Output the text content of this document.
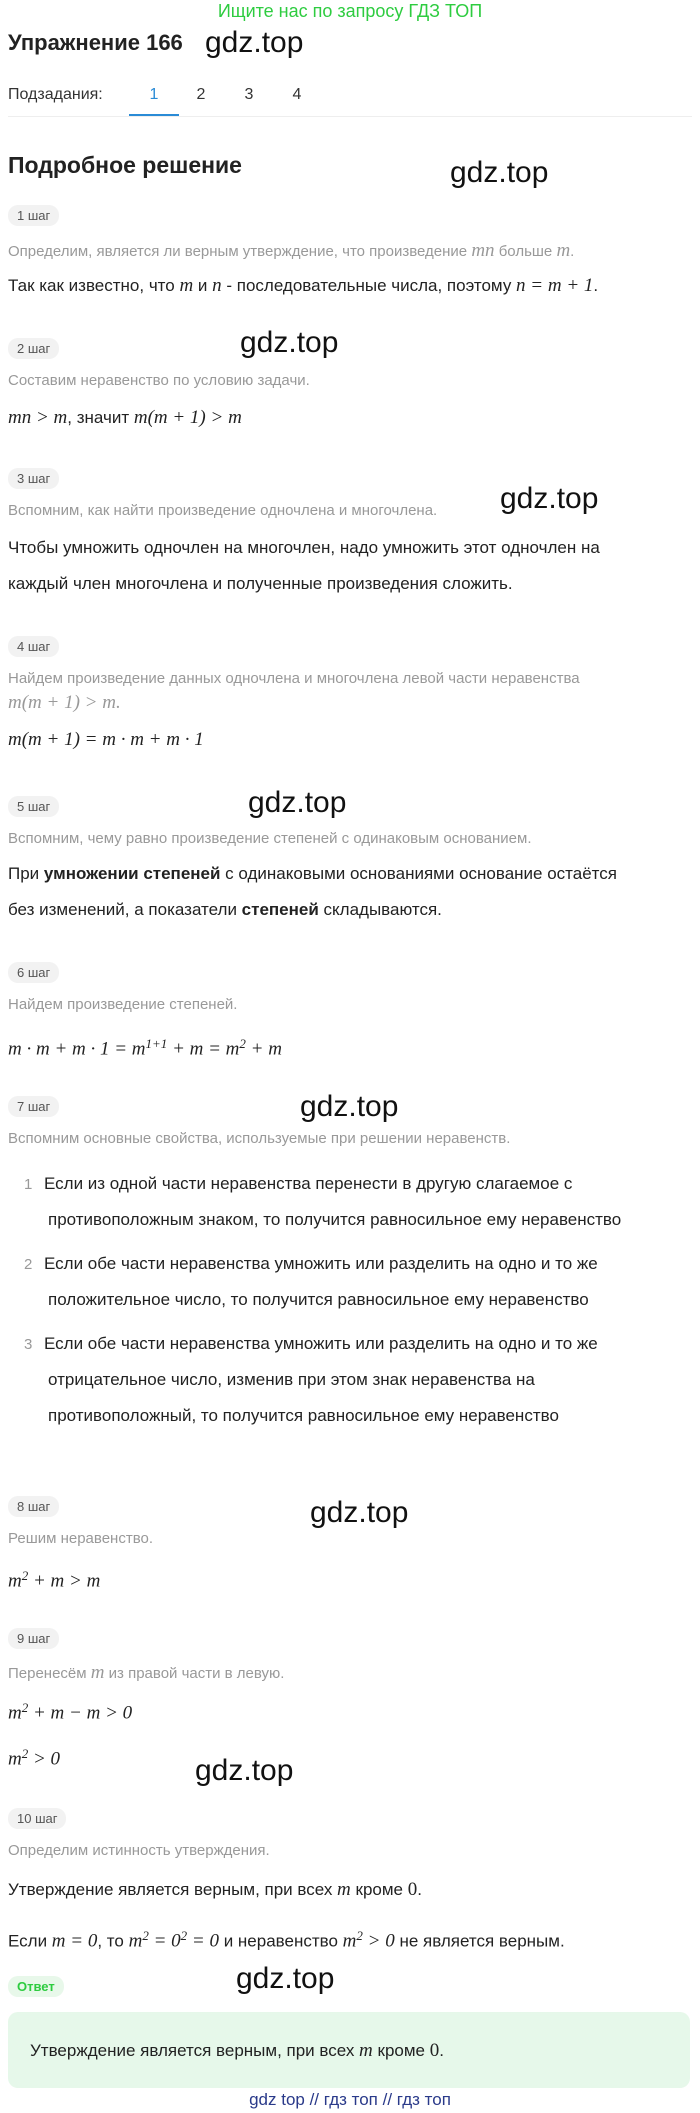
Ищите нас по запросу ГДЗ ТОП
Упражнение 166
Подзадания:	1	2	3	4
Подробное решение
gdz.top
gdz.top
gdz.top
gdz.top
gdz.top
gdz.top
gdz.top
gdz.top
gdz.top
1 шаг
Определим, является ли верным утверждение, что произведение mn больше m.
Так как известно, что m и n - последовательные числа, поэтому n = m + 1.
2 шаг
Составим неравенство по условию задачи.
mn > m, значит m(m + 1) > m
3 шаг
Вспомним, как найти произведение одночлена и многочлена.
Чтобы умножить одночлен на многочлен, надо умножить этот одночлен на
каждый член многочлена и полученные произведения сложить.
4 шаг
Найдем произведение данных одночлена и многочлена левой части неравенства
m(m + 1) > m.
m(m + 1) = m · m + m · 1
5 шаг
Вспомним, чему равно произведение степеней с одинаковым основанием.
При умножении степеней с одинаковыми основаниями основание остаётся
без изменений, а показатели степеней складываются.
6 шаг
Найдем произведение степеней.
$m \cdot m + m \cdot 1 = m^{1+1} + m = m^2 + m$
7 шаг
Вспомним основные свойства, используемые при решении неравенств.
1 Если из одной части неравенства перенести в другую слагаемое с
противоположным знаком, то получится равносильное ему неравенство
2 Если обе части неравенства умножить или разделить на одно и то же
положительное число, то получится равносильное ему неравенство
3 Если обе части неравенства умножить или разделить на одно и то же
отрицательное число, изменив при этом знак неравенства на
противоположный, то получится равносильное ему неравенство
8 шаг
Решим неравенство.
$m^2 + m > m$
9 шаг
Перенесём m из правой части в левую.
$m^2 + m - m > 0$
$m^2 > 0$
10 шаг
Определим истинность утверждения.
Утверждение является верным, при всех m кроме 0.
Если m = 0, то $m^2 = 0^2 = 0$ и неравенство $m^2 > 0$ не является верным.
Ответ
Утверждение является верным, при всех m кроме 0.
gdz top // гдз топ // гдз топ
